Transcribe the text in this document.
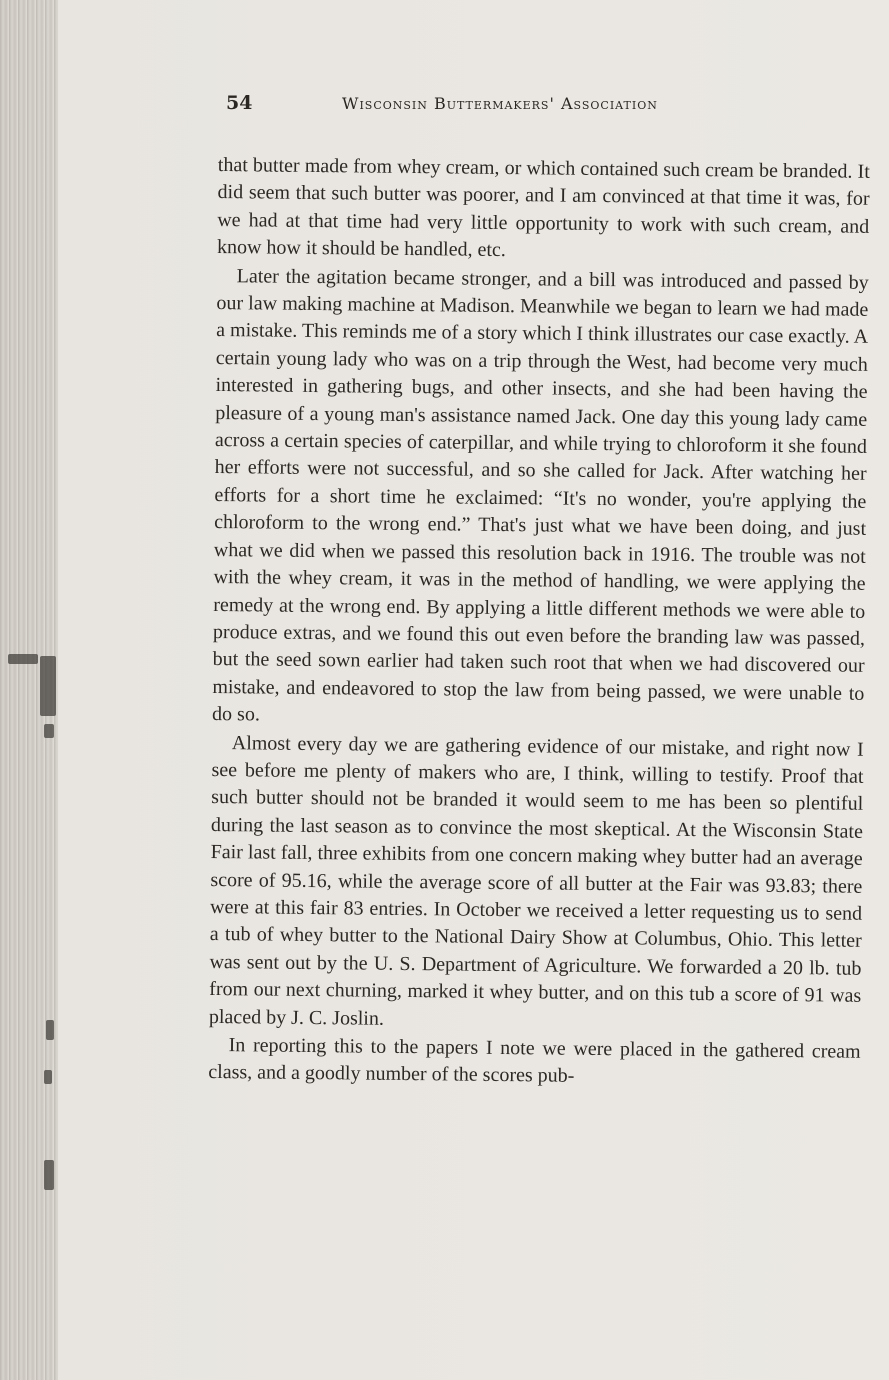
54	Wisconsin Buttermakers' Association

that butter made from whey cream, or which contained such cream be branded. It did seem that such butter was poorer, and I am convinced at that time it was, for we had at that time had very little opportunity to work with such cream, and know how it should be handled, etc.

Later the agitation became stronger, and a bill was introduced and passed by our law making machine at Madison. Meanwhile we began to learn we had made a mistake. This reminds me of a story which I think illustrates our case exactly. A certain young lady who was on a trip through the West, had become very much interested in gathering bugs, and other insects, and she had been having the pleasure of a young man's assistance named Jack. One day this young lady came across a certain species of caterpillar, and while trying to chloroform it she found her efforts were not successful, and so she called for Jack. After watching her efforts for a short time he exclaimed: “It's no wonder, you're applying the chloroform to the wrong end.” That's just what we have been doing, and just what we did when we passed this resolution back in 1916. The trouble was not with the whey cream, it was in the method of handling, we were applying the remedy at the wrong end. By applying a little different methods we were able to produce extras, and we found this out even before the branding law was passed, but the seed sown earlier had taken such root that when we had discovered our mistake, and endeavored to stop the law from being passed, we were unable to do so.

Almost every day we are gathering evidence of our mistake, and right now I see before me plenty of makers who are, I think, willing to testify. Proof that such butter should not be branded it would seem to me has been so plentiful during the last season as to convince the most skeptical. At the Wisconsin State Fair last fall, three exhibits from one concern making whey butter had an average score of 95.16, while the average score of all butter at the Fair was 93.83; there were at this fair 83 entries. In October we received a letter requesting us to send a tub of whey butter to the National Dairy Show at Columbus, Ohio. This letter was sent out by the U. S. Department of Agriculture. We forwarded a 20 lb. tub from our next churning, marked it whey butter, and on this tub a score of 91 was placed by J. C. Joslin.

In reporting this to the papers I note we were placed in the gathered cream class, and a goodly number of the scores pub-
